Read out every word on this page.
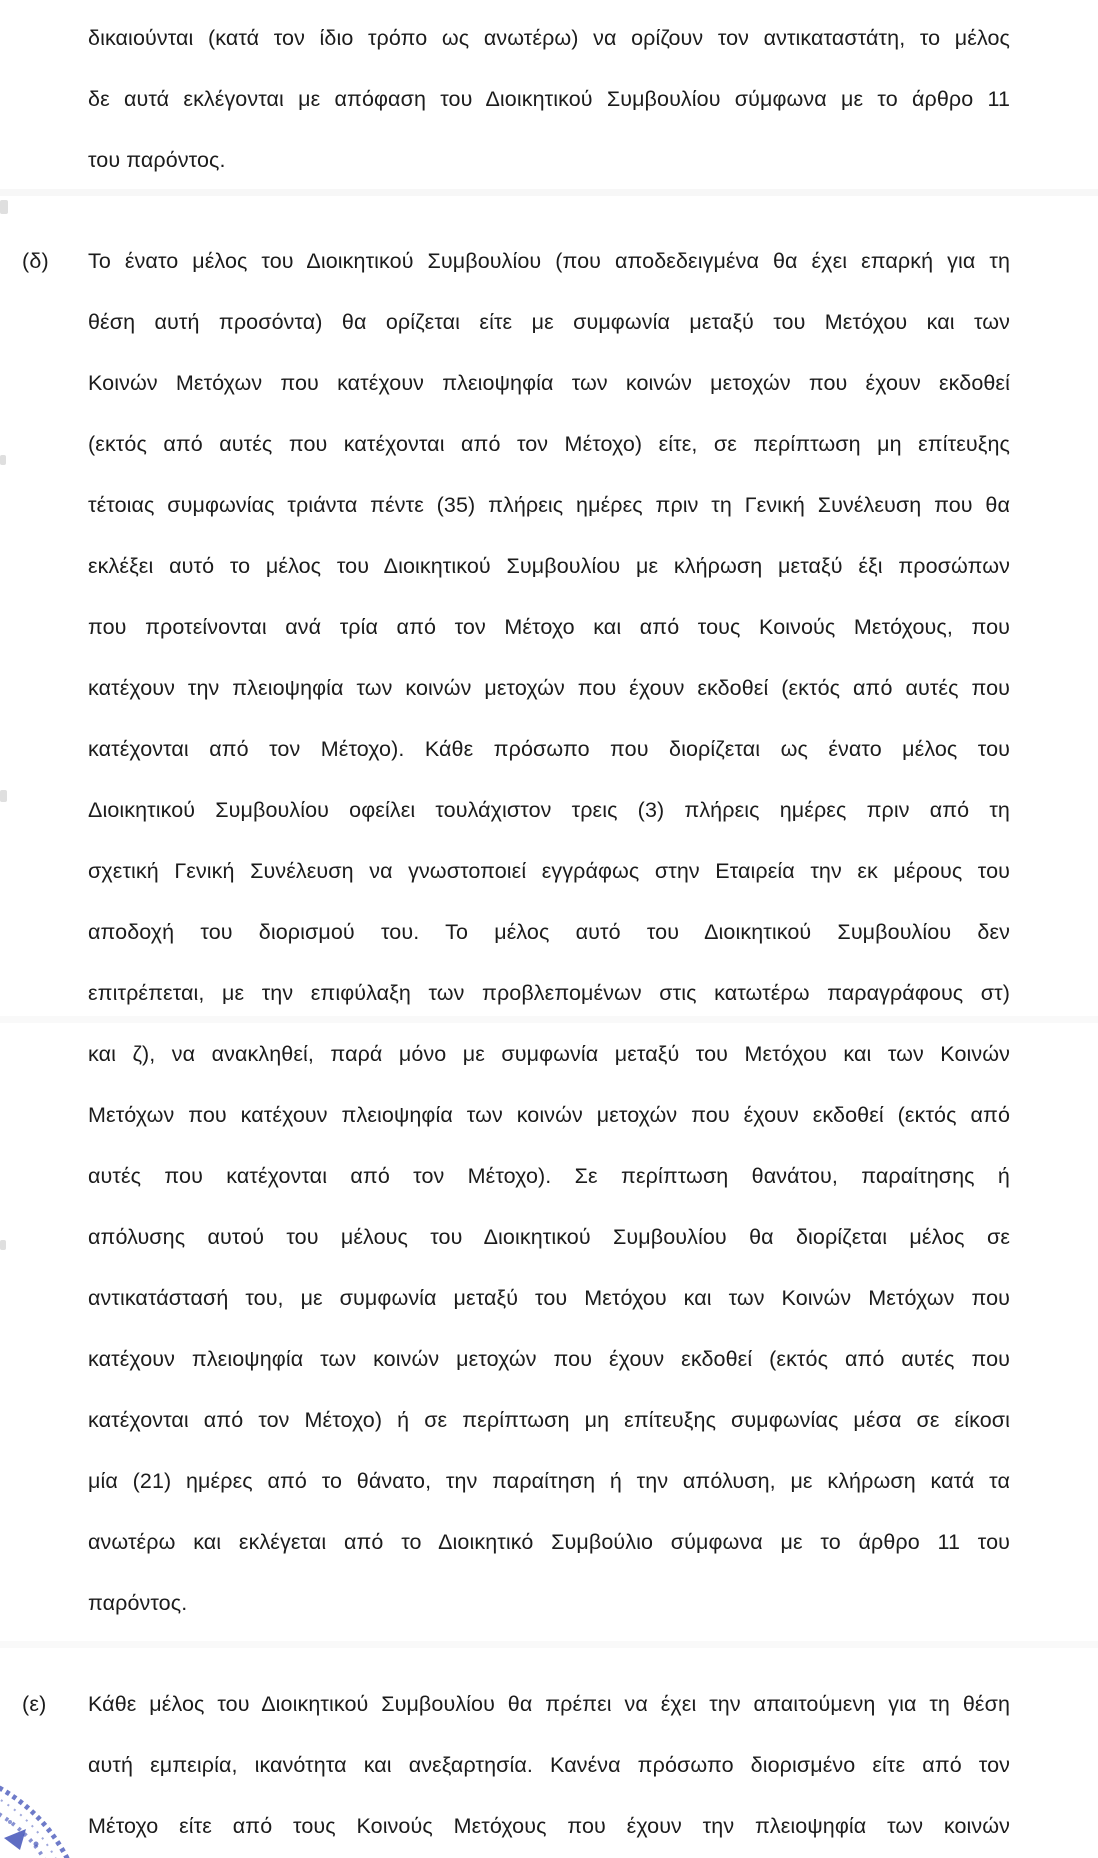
δικαιούνται (κατά τον ίδιο τρόπο ως ανωτέρω) να ορίζουν τον αντικαταστάτη, το μέλος
δε αυτά εκλέγονται με απόφαση του Διοικητικού Συμβουλίου σύμφωνα με το άρθρο 11
του παρόντος.
(δ)	Το ένατο μέλος του Διοικητικού Συμβουλίου (που αποδεδειγμένα θα έχει επαρκή για τη
θέση αυτή προσόντα) θα ορίζεται είτε με συμφωνία μεταξύ του Μετόχου και των
Κοινών Μετόχων που κατέχουν πλειοψηφία των κοινών μετοχών που έχουν εκδοθεί
(εκτός από αυτές που κατέχονται από τον Μέτοχο) είτε, σε περίπτωση μη επίτευξης
τέτοιας συμφωνίας τριάντα πέντε (35) πλήρεις ημέρες πριν τη Γενική Συνέλευση που θα
εκλέξει αυτό το μέλος του Διοικητικού Συμβουλίου με κλήρωση μεταξύ έξι προσώπων
που προτείνονται ανά τρία από τον Μέτοχο και από τους Κοινούς Μετόχους, που
κατέχουν την πλειοψηφία των κοινών μετοχών που έχουν εκδοθεί (εκτός από αυτές που
κατέχονται από τον Μέτοχο). Κάθε πρόσωπο που διορίζεται ως ένατο μέλος του
Διοικητικού Συμβουλίου οφείλει τουλάχιστον τρεις (3) πλήρεις ημέρες πριν από τη
σχετική Γενική Συνέλευση να γνωστοποιεί εγγράφως στην Εταιρεία την εκ μέρους του
αποδοχή του διορισμού του. Το μέλος αυτό του Διοικητικού Συμβουλίου δεν
επιτρέπεται, με την επιφύλαξη των προβλεπομένων στις κατωτέρω παραγράφους στ)
και ζ), να ανακληθεί, παρά μόνο με συμφωνία μεταξύ του Μετόχου και των Κοινών
Μετόχων που κατέχουν πλειοψηφία των κοινών μετοχών που έχουν εκδοθεί (εκτός από
αυτές που κατέχονται από τον Μέτοχο). Σε περίπτωση θανάτου, παραίτησης ή
απόλυσης αυτού του μέλους του Διοικητικού Συμβουλίου θα διορίζεται μέλος σε
αντικατάστασή του, με συμφωνία μεταξύ του Μετόχου και των Κοινών Μετόχων που
κατέχουν πλειοψηφία των κοινών μετοχών που έχουν εκδοθεί (εκτός από αυτές που
κατέχονται από τον Μέτοχο) ή σε περίπτωση μη επίτευξης συμφωνίας μέσα σε είκοσι
μία (21) ημέρες από το θάνατο, την παραίτηση ή την απόλυση, με κλήρωση κατά τα
ανωτέρω και εκλέγεται από το Διοικητικό Συμβούλιο σύμφωνα με το άρθρο 11 του
παρόντος.
(ε)	Κάθε μέλος του Διοικητικού Συμβουλίου θα πρέπει να έχει την απαιτούμενη για τη θέση
αυτή εμπειρία, ικανότητα και ανεξαρτησία. Κανένα πρόσωπο διορισμένο είτε από τον
Μέτοχο είτε από τους Κοινούς Μετόχους που έχουν την πλειοψηφία των κοινών
